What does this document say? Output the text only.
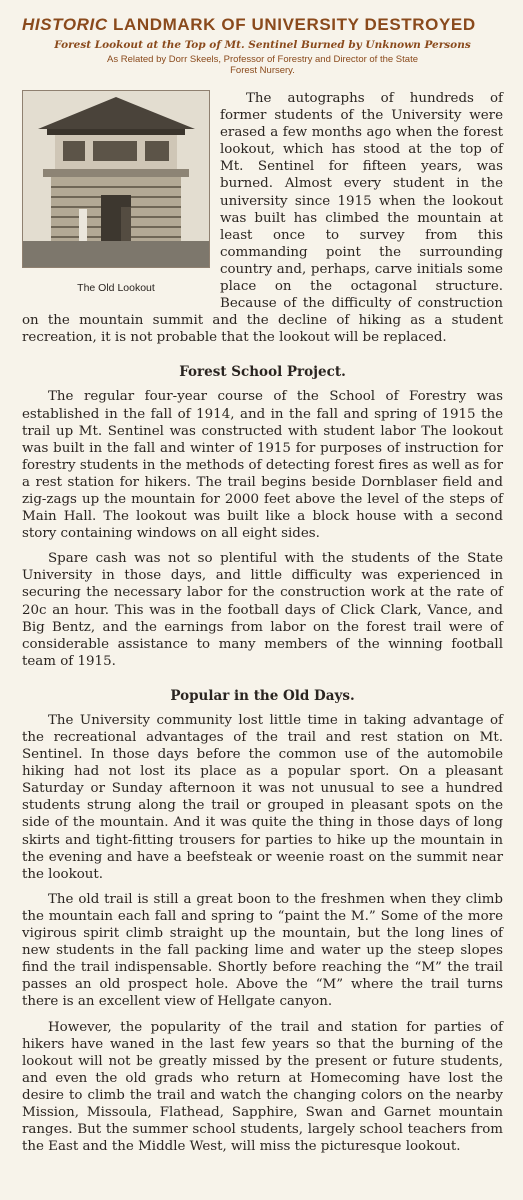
HISTORIC LANDMARK OF UNIVERSITY DESTROYED
Forest Lookout at the Top of Mt. Sentinel Burned by Unknown Persons
As Related by Dorr Skeels, Professor of Forestry and Director of the State
Forest Nursery.
The Old Lookout

The autographs of hundreds of former students of the University were erased a few months ago when the forest lookout, which has stood at the top of Mt. Sentinel for fifteen years, was burned. Almost every student in the university since 1915 when the lookout was built has climbed the mountain at least once to survey from this commanding point the surrounding country and, perhaps, carve initials some place on the octagonal structure. Because of the difficulty of construction on the mountain summit and the decline of hiking as a student recreation, it is not probable that the lookout will be replaced.

Forest School Project.

The regular four-year course of the School of Forestry was established in the fall of 1914, and in the fall and spring of 1915 the trail up Mt. Sentinel was constructed with student labor The lookout was built in the fall and winter of 1915 for purposes of instruction for forestry students in the methods of detecting forest fires as well as for a rest station for hikers. The trail begins beside Dornblaser field and zig-zags up the mountain for 2000 feet above the level of the steps of Main Hall. The lookout was built like a block house with a second story containing windows on all eight sides.

Spare cash was not so plentiful with the students of the State University in those days, and little difficulty was experienced in securing the necessary labor for the construction work at the rate of 20c an hour. This was in the football days of Click Clark, Vance, and Big Bentz, and the earnings from labor on the forest trail were of considerable assistance to many members of the winning football team of 1915.

Popular in the Old Days.

The University community lost little time in taking advantage of the recreational advantages of the trail and rest station on Mt. Sentinel. In those days before the common use of the automobile hiking had not lost its place as a popular sport. On a pleasant Saturday or Sunday afternoon it was not unusual to see a hundred students strung along the trail or grouped in pleasant spots on the side of the mountain. And it was quite the thing in those days of long skirts and tight-fitting trousers for parties to hike up the mountain in the evening and have a beefsteak or weenie roast on the summit near the lookout.

The old trail is still a great boon to the freshmen when they climb the mountain each fall and spring to “paint the M.” Some of the more vigirous spirit climb straight up the mountain, but the long lines of new students in the fall packing lime and water up the steep slopes find the trail indispensable. Shortly before reaching the “M” the trail passes an old prospect hole. Above the “M” where the trail turns there is an excellent view of Hellgate canyon.

However, the popularity of the trail and station for parties of hikers have waned in the last few years so that the burning of the lookout will not be greatly missed by the present or future students, and even the old grads who return at Homecoming have lost the desire to climb the trail and watch the changing colors on the nearby Mission, Missoula, Flathead, Sapphire, Swan and Garnet mountain ranges. But the summer school students, largely school teachers from the East and the Middle West, will miss the picturesque lookout.
